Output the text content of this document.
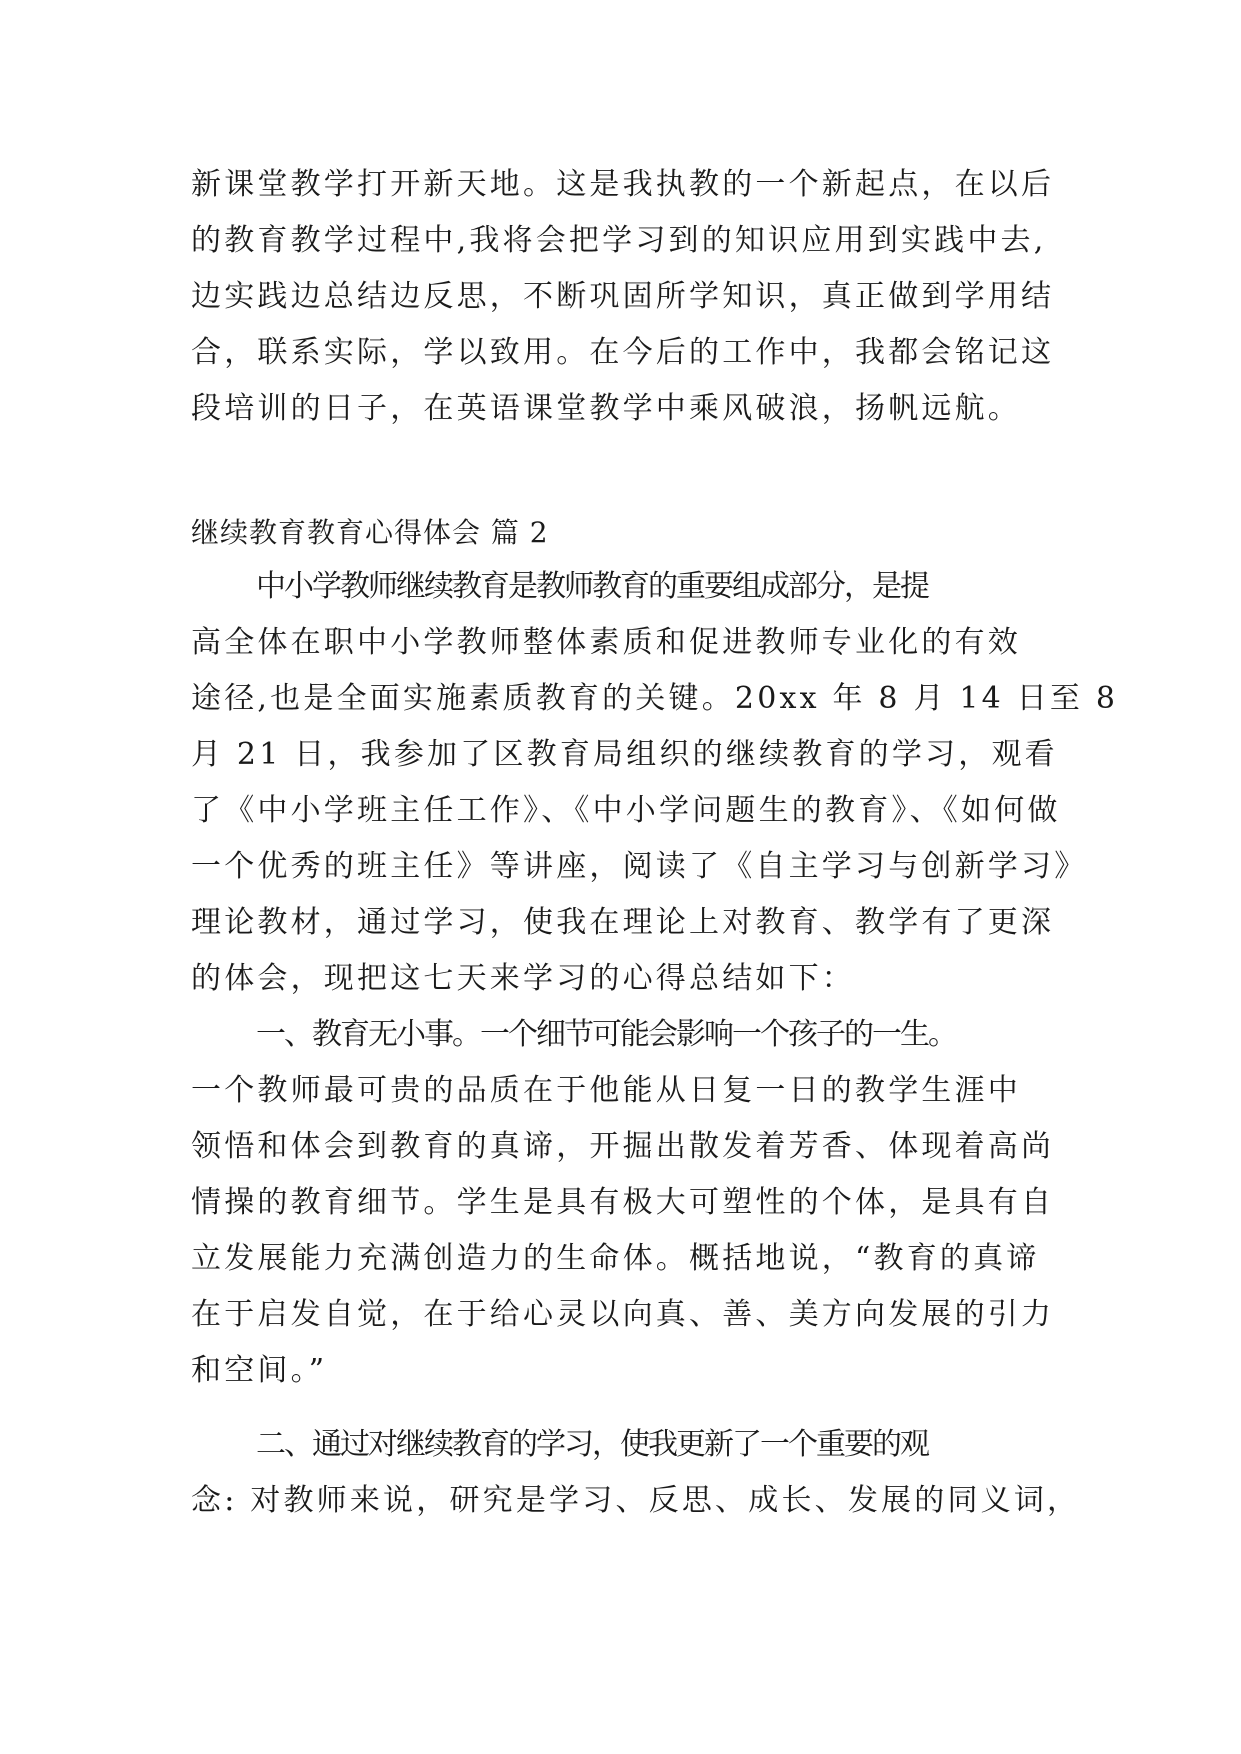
新课堂教学打开新天地。这是我执教的一个新起点，在以后
的教育教学过程中,我将会把学习到的知识应用到实践中去,
边实践边总结边反思，不断巩固所学知识，真正做到学用结
合，联系实际，学以致用。在今后的工作中，我都会铭记这
段培训的日子，在英语课堂教学中乘风破浪，扬帆远航。
继续教育教育心得体会 篇 2
中小学教师继续教育是教师教育的重要组成部分，是提
高全体在职中小学教师整体素质和促进教师专业化的有效
途径,也是全面实施素质教育的关键。20xx 年 8 月 14 日至 8
月 21 日，我参加了区教育局组织的继续教育的学习，观看
了《中小学班主任工作》、《中小学问题生的教育》、《如何做
一个优秀的班主任》等讲座，阅读了《自主学习与创新学习》
理论教材，通过学习，使我在理论上对教育、教学有了更深
的体会，现把这七天来学习的心得总结如下：
一、教育无小事。一个细节可能会影响一个孩子的一生。
一个教师最可贵的品质在于他能从日复一日的教学生涯中
领悟和体会到教育的真谛，开掘出散发着芳香、体现着高尚
情操的教育细节。学生是具有极大可塑性的个体，是具有自
立发展能力充满创造力的生命体。概括地说，“教育的真谛
在于启发自觉，在于给心灵以向真、善、美方向发展的引力
和空间。”
二、通过对继续教育的学习，使我更新了一个重要的观
念: 对教师来说，研究是学习、反思、成长、发展的同义词，
